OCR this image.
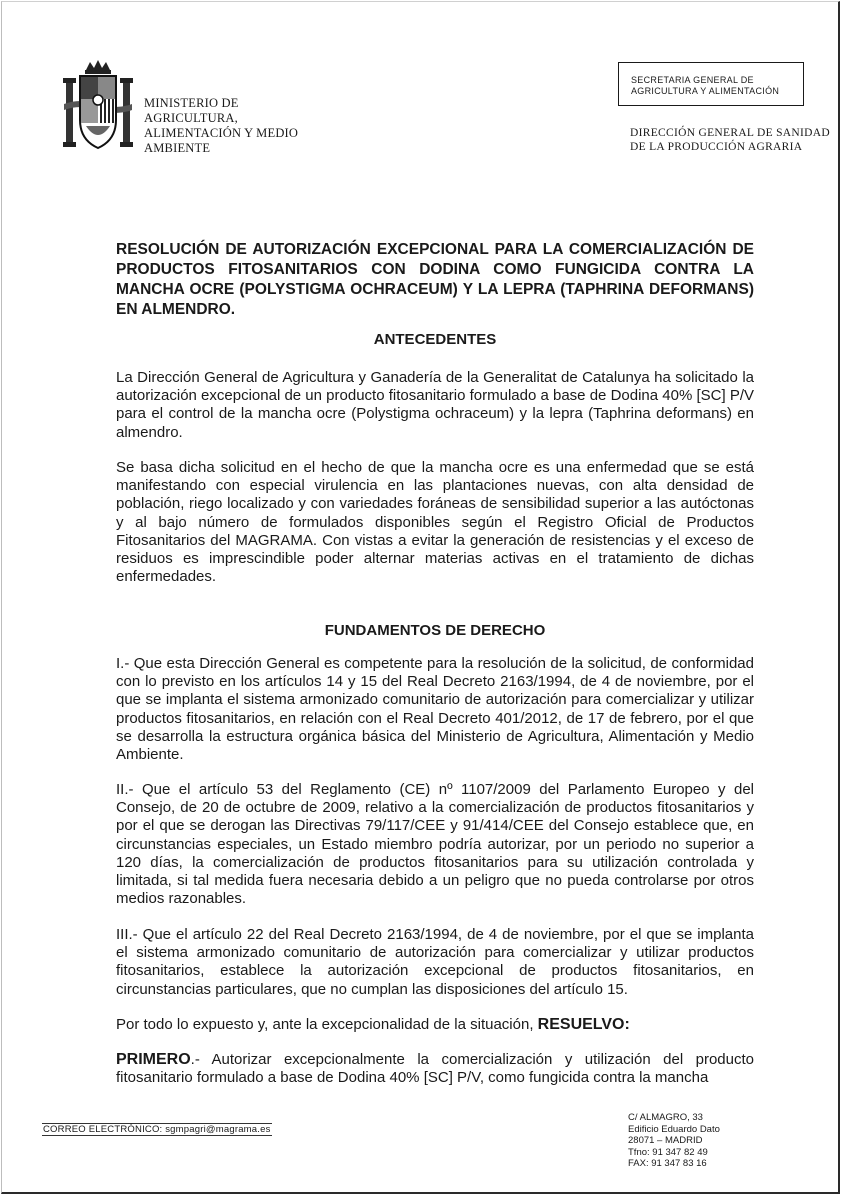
MINISTERIO DE
AGRICULTURA,
ALIMENTACIÓN Y MEDIO
AMBIENTE
SECRETARIA GENERAL DE
AGRICULTURA Y ALIMENTACIÓN
DIRECCIÓN GENERAL DE SANIDAD
DE LA PRODUCCIÓN AGRARIA
RESOLUCIÓN DE AUTORIZACIÓN EXCEPCIONAL PARA LA COMERCIALIZACIÓN DE PRODUCTOS FITOSANITARIOS CON DODINA COMO FUNGICIDA CONTRA LA MANCHA OCRE (POLYSTIGMA OCHRACEUM) Y LA LEPRA (TAPHRINA DEFORMANS) EN ALMENDRO.
ANTECEDENTES
La Dirección General de Agricultura y Ganadería de la Generalitat de Catalunya ha solicitado la autorización excepcional de un producto fitosanitario formulado a base de Dodina 40% [SC] P/V para el control de la mancha ocre (Polystigma ochraceum) y la lepra (Taphrina deformans) en almendro.
Se basa dicha solicitud en el hecho de que la mancha ocre es una enfermedad que se está manifestando con especial virulencia en las plantaciones nuevas, con alta densidad de población, riego localizado y con variedades foráneas de sensibilidad superior a las autóctonas y al bajo número de formulados disponibles según el Registro Oficial de Productos Fitosanitarios del MAGRAMA. Con vistas a evitar la generación de resistencias y el exceso de residuos es imprescindible poder alternar materias activas en el tratamiento de dichas enfermedades.
FUNDAMENTOS DE DERECHO
I.- Que esta Dirección General es competente para la resolución de la solicitud, de conformidad con lo previsto en los artículos 14 y 15 del Real Decreto 2163/1994, de 4 de noviembre, por el que se implanta el sistema armonizado comunitario de autorización para comercializar y utilizar productos fitosanitarios, en relación con el Real Decreto 401/2012, de 17 de febrero, por el que se desarrolla la estructura orgánica básica del Ministerio de Agricultura, Alimentación y Medio Ambiente.
II.- Que el artículo 53 del Reglamento (CE) nº 1107/2009 del Parlamento Europeo y del Consejo, de 20 de octubre de 2009, relativo a la comercialización de productos fitosanitarios y por el que se derogan las Directivas 79/117/CEE y 91/414/CEE del Consejo establece que, en circunstancias especiales, un Estado miembro podría autorizar, por un periodo no superior a 120 días, la comercialización de productos fitosanitarios para su utilización controlada y limitada, si tal medida fuera necesaria debido a un peligro que no pueda controlarse por otros medios razonables.
III.- Que el artículo 22 del Real Decreto 2163/1994, de 4 de noviembre, por el que se implanta el sistema armonizado comunitario de autorización para comercializar y utilizar productos fitosanitarios, establece la autorización excepcional de productos fitosanitarios, en circunstancias particulares, que no cumplan las disposiciones del artículo 15.
Por todo lo expuesto y, ante la excepcionalidad de la situación, RESUELVO:
PRIMERO.- Autorizar excepcionalmente la comercialización y utilización del producto fitosanitario formulado a base de Dodina 40% [SC] P/V, como fungicida contra la mancha
CORREO ELECTRÓNICO: sgmpagri@magrama.es
C/ ALMAGRO, 33
Edificio Eduardo Dato
28071 – MADRID
Tfno: 91 347 82 49
FAX: 91 347 83 16
